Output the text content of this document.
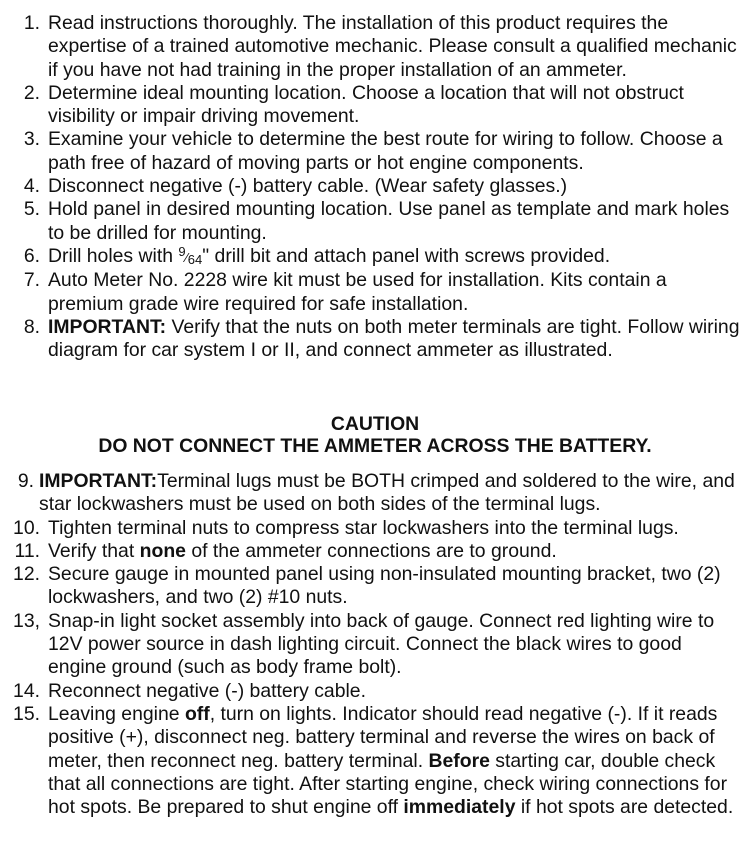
1. Read instructions thoroughly. The installation of this product requires the expertise of a trained automotive mechanic. Please consult a qualified mechanic if you have not had training in the proper installation of an ammeter.
2. Determine ideal mounting location. Choose a location that will not obstruct visibility or impair driving movement.
3. Examine your vehicle to determine the best route for wiring to follow. Choose a path free of hazard of moving parts or hot engine components.
4. Disconnect negative (-) battery cable. (Wear safety glasses.)
5. Hold panel in desired mounting location. Use panel as template and mark holes to be drilled for mounting.
6. Drill holes with 9⁄64" drill bit and attach panel with screws provided.
7. Auto Meter No. 2228 wire kit must be used for installation. Kits contain a premium grade wire required for safe installation.
8. IMPORTANT: Verify that the nuts on both meter terminals are tight. Follow wiring diagram for car system I or II, and connect ammeter as illustrated.
CAUTION
DO NOT CONNECT THE AMMETER ACROSS THE BATTERY.
9. IMPORTANT:Terminal lugs must be BOTH crimped and soldered to the wire, and star lockwashers must be used on both sides of the terminal lugs.
10. Tighten terminal nuts to compress star lockwashers into the terminal lugs.
11. Verify that none of the ammeter connections are to ground.
12. Secure gauge in mounted panel using non-insulated mounting bracket, two (2) lockwashers, and two (2) #10 nuts.
13, Snap-in light socket assembly into back of gauge. Connect red lighting wire to 12V power source in dash lighting circuit. Connect the black wires to good engine ground (such as body frame bolt).
14. Reconnect negative (-) battery cable.
15. Leaving engine off, turn on lights. Indicator should read negative (-). If it reads positive (+), disconnect neg. battery terminal and reverse the wires on back of meter, then reconnect neg. battery terminal. Before starting car, double check that all connections are tight. After starting engine, check wiring connections for hot spots. Be prepared to shut engine off immediately if hot spots are detected.
